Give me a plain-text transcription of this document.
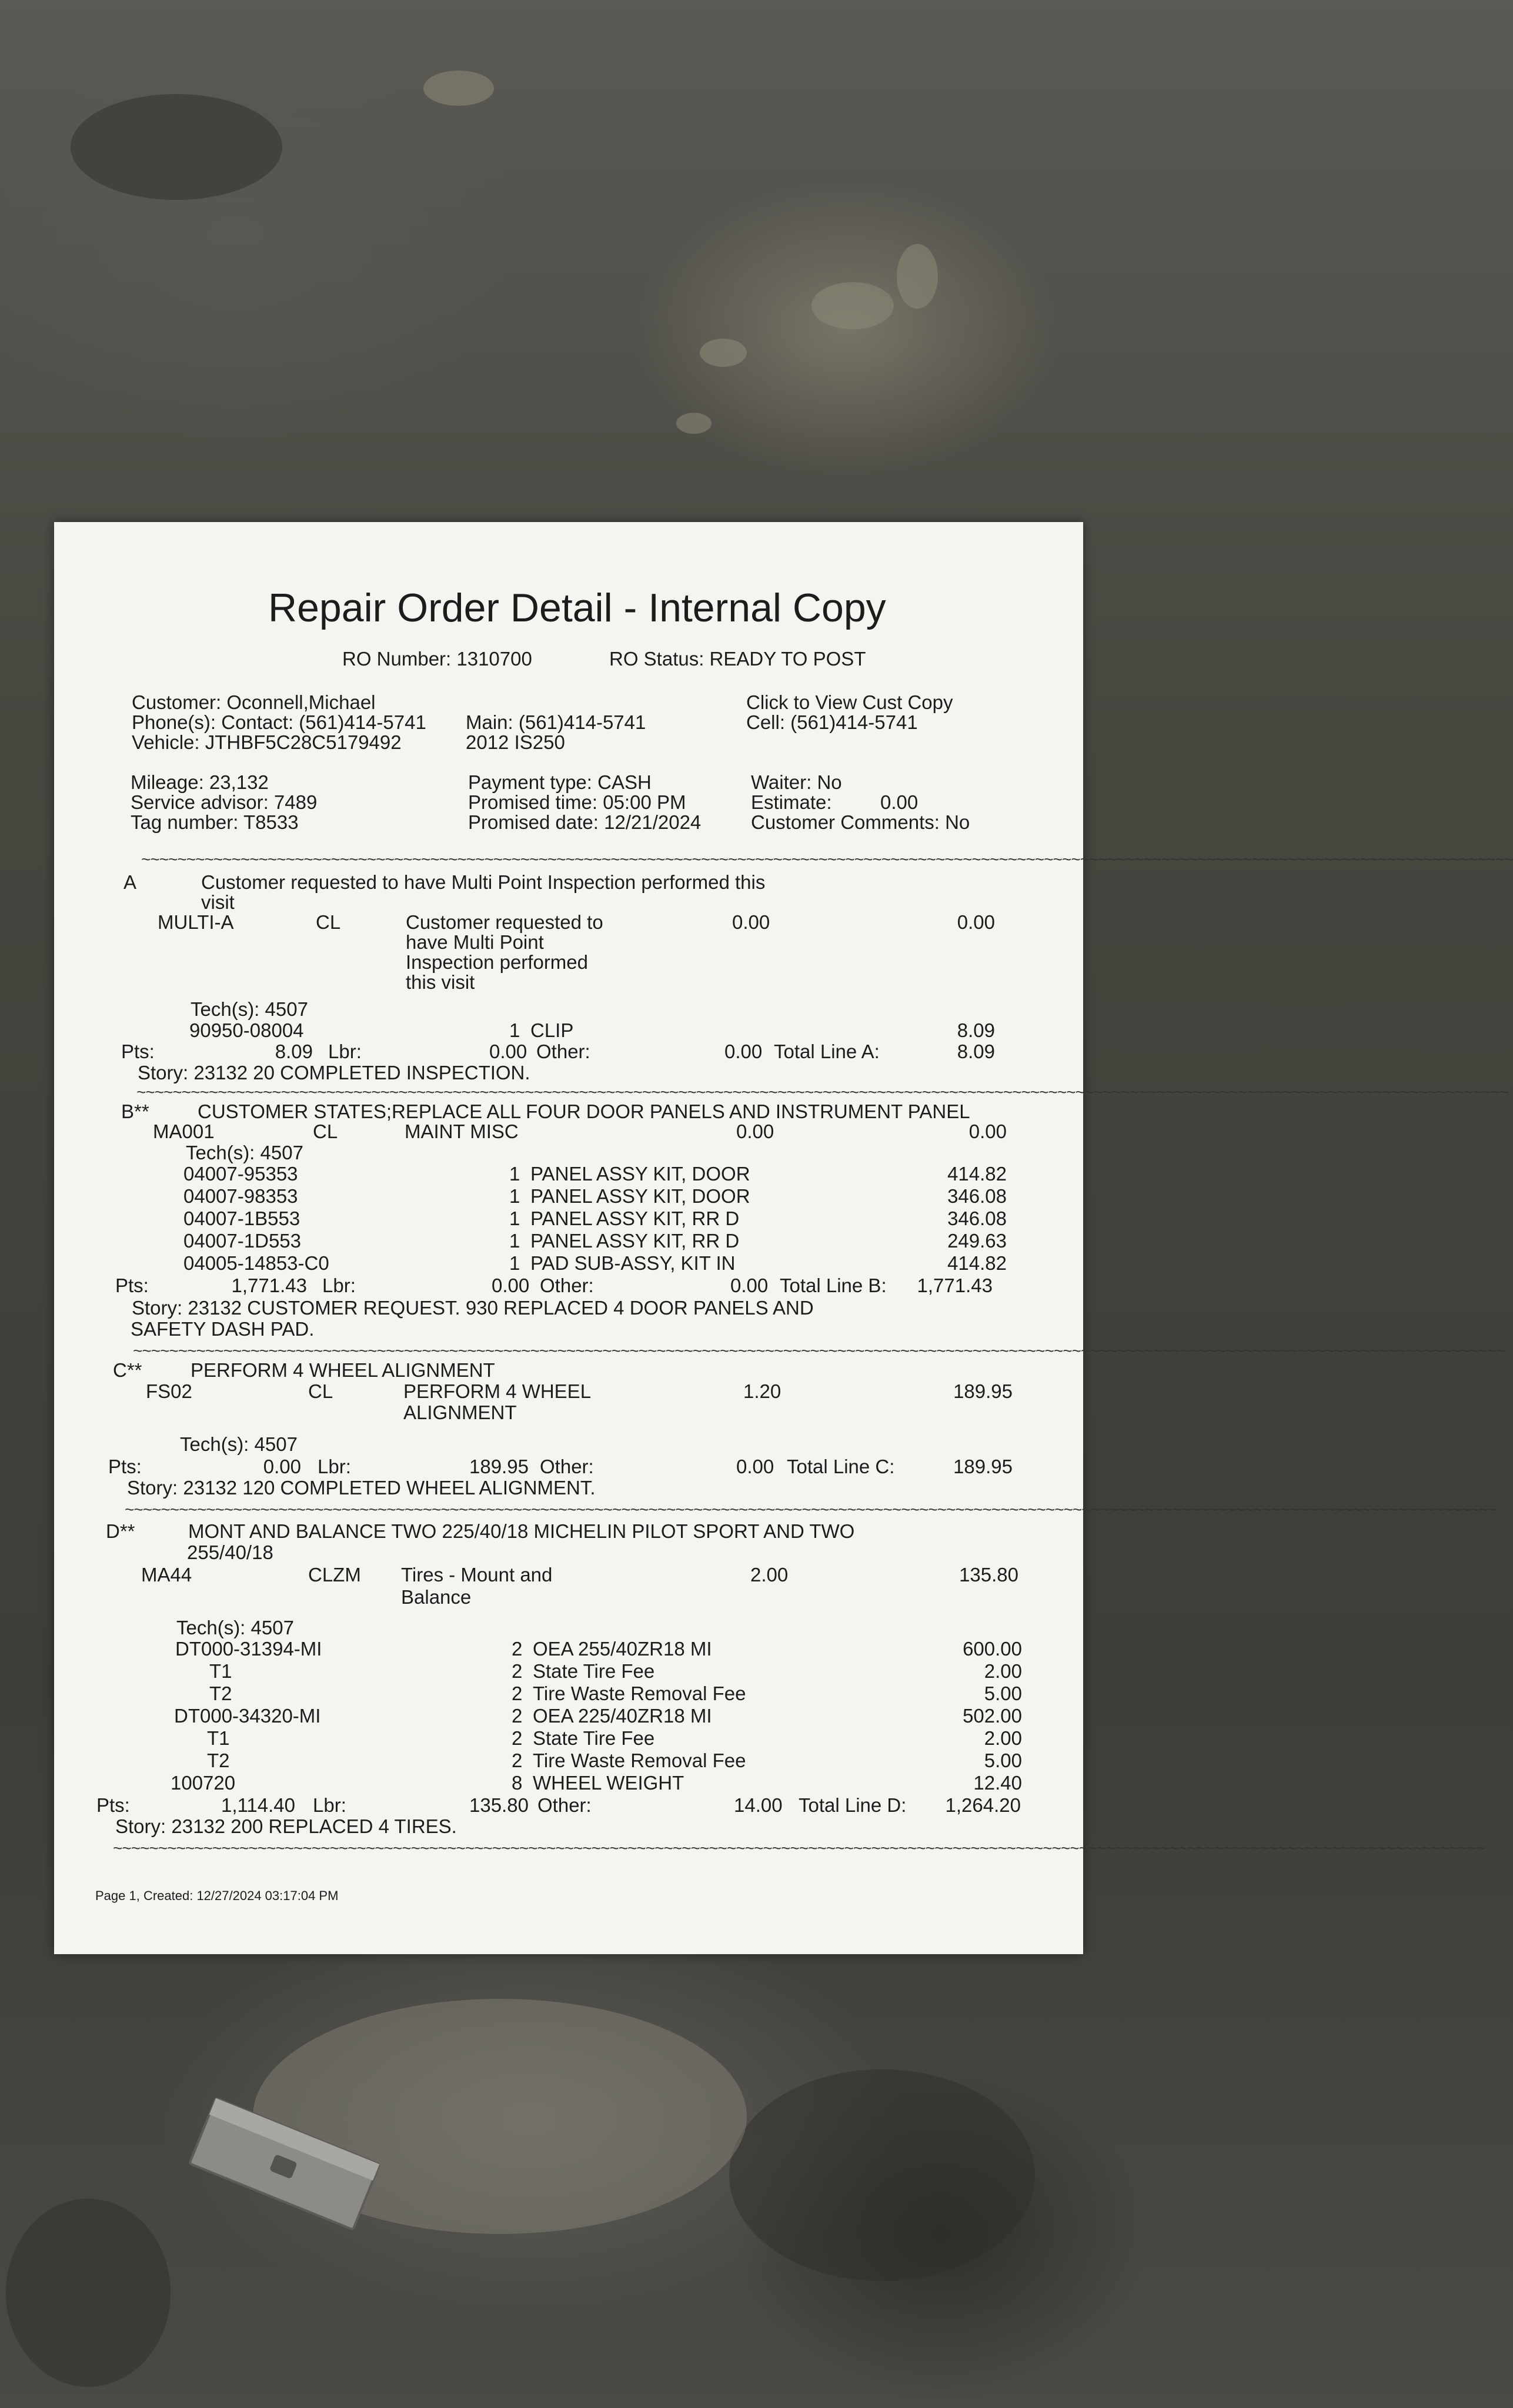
Repair Order Detail - Internal Copy
RO Number: 1310700	RO Status: READY TO POST
Customer: Oconnell,Michael
Phone(s): Contact: (561)414-5741
Vehicle: JTHBF5C28C5179492
Main: (561)414-5741
2012 IS250
Click to View Cust Copy
Cell: (561)414-5741
Mileage: 23,132
Service advisor: 7489
Tag number: T8533
Payment type: CASH
Promised time: 05:00 PM
Promised date: 12/21/2024
Waiter: No
Estimate: 0.00
Customer Comments: No
~~~~~~~~~~~~~~~~~~~~~~~~~~~~~~~~~~~~~~~~~~~~~~~~~~~~~~~~~~~~~~~~~~~~~~~~~~~~~~~~~~~~~~~~~~~~~~~~~~~~~~~~~~~~~~~~~~~~~~~~~~~~~~~~~~~~~~~~~~~~~~~~~~~~~~~~
A	Customer requested to have Multi Point Inspection performed this
visit
MULTI-A	CL	Customer requested to
have Multi Point
Inspection performed
this visit
0.00	0.00
Tech(s): 4507
90950-08004	1 CLIP	8.09
Pts:	8.09 Lbr:	0.00 Other:	0.00 Total Line A:	8.09
Story: 23132 20 COMPLETED INSPECTION.
~~~~~~~~~~~~~~~~~~~~~~~~~~~~~~~~~~~~~~~~~~~~~~~~~~~~~~~~~~~~~~~~~~~~~~~~~~~~~~~~~~~~~~~~~~~~~~~~~~~~~~~~~~~~~~~~~~~~~~~~~~~~~~~~~~~~~~~~~~~~~~~~~~~~~~~~
B** CUSTOMER STATES;REPLACE ALL FOUR DOOR PANELS AND INSTRUMENT PANEL
MA001	CL	MAINT MISC	0.00	0.00
Tech(s): 4507
04007-95353	1 PANEL ASSY KIT, DOOR	414.82
04007-98353	1 PANEL ASSY KIT, DOOR	346.08
04007-1B553	1 PANEL ASSY KIT, RR D	346.08
04007-1D553	1 PANEL ASSY KIT, RR D	249.63
04005-14853-C0	1 PAD SUB-ASSY, KIT IN	414.82
Pts:	1,771.43 Lbr:	0.00 Other:	0.00 Total Line B:	1,771.43
Story: 23132 CUSTOMER REQUEST. 930 REPLACED 4 DOOR PANELS AND
SAFETY DASH PAD.
~~~~~~~~~~~~~~~~~~~~~~~~~~~~~~~~~~~~~~~~~~~~~~~~~~~~~~~~~~~~~~~~~~~~~~~~~~~~~~~~~~~~~~~~~~~~~~~~~~~~~~~~~~~~~~~~~~~~~~~~~~~~~~~~~~~~~~~~~~~~~~~~~~~~~~~~
C** PERFORM 4 WHEEL ALIGNMENT
FS02	CL	PERFORM 4 WHEEL
ALIGNMENT
1.20	189.95
Tech(s): 4507
Pts:	0.00 Lbr:	189.95 Other:	0.00 Total Line C:	189.95
Story: 23132 120 COMPLETED WHEEL ALIGNMENT.
~~~~~~~~~~~~~~~~~~~~~~~~~~~~~~~~~~~~~~~~~~~~~~~~~~~~~~~~~~~~~~~~~~~~~~~~~~~~~~~~~~~~~~~~~~~~~~~~~~~~~~~~~~~~~~~~~~~~~~~~~~~~~~~~~~~~~~~~~~~~~~~~~~~~~~~~
D**	MONT AND BALANCE TWO 225/40/18 MICHELIN PILOT SPORT AND TWO
255/40/18
MA44	CLZM Tires - Mount and
Balance
2.00	135.80
Tech(s): 4507
DT000-31394-MI	2 OEA 255/40ZR18 MI	600.00
T1	2 State Tire Fee	2.00
T2	2 Tire Waste Removal Fee	5.00
DT000-34320-MI	2 OEA 225/40ZR18 MI	502.00
T1	2 State Tire Fee	2.00
T2	2 Tire Waste Removal Fee	5.00
100720	8 WHEEL WEIGHT	12.40
Pts:	1,114.40 Lbr:	135.80 Other:	14.00 Total Line D:	1,264.20
Story: 23132 200 REPLACED 4 TIRES.
~~~~~~~~~~~~~~~~~~~~~~~~~~~~~~~~~~~~~~~~~~~~~~~~~~~~~~~~~~~~~~~~~~~~~~~~~~~~~~~~~~~~~~~~~~~~~~~~~~~~~~~~~~~~~~~~~~~~~~~~~~~~~~~~~~~~~~~~~~~~~~~~~~~~~~~~
Page 1, Created: 12/27/2024 03:17:04 PM
